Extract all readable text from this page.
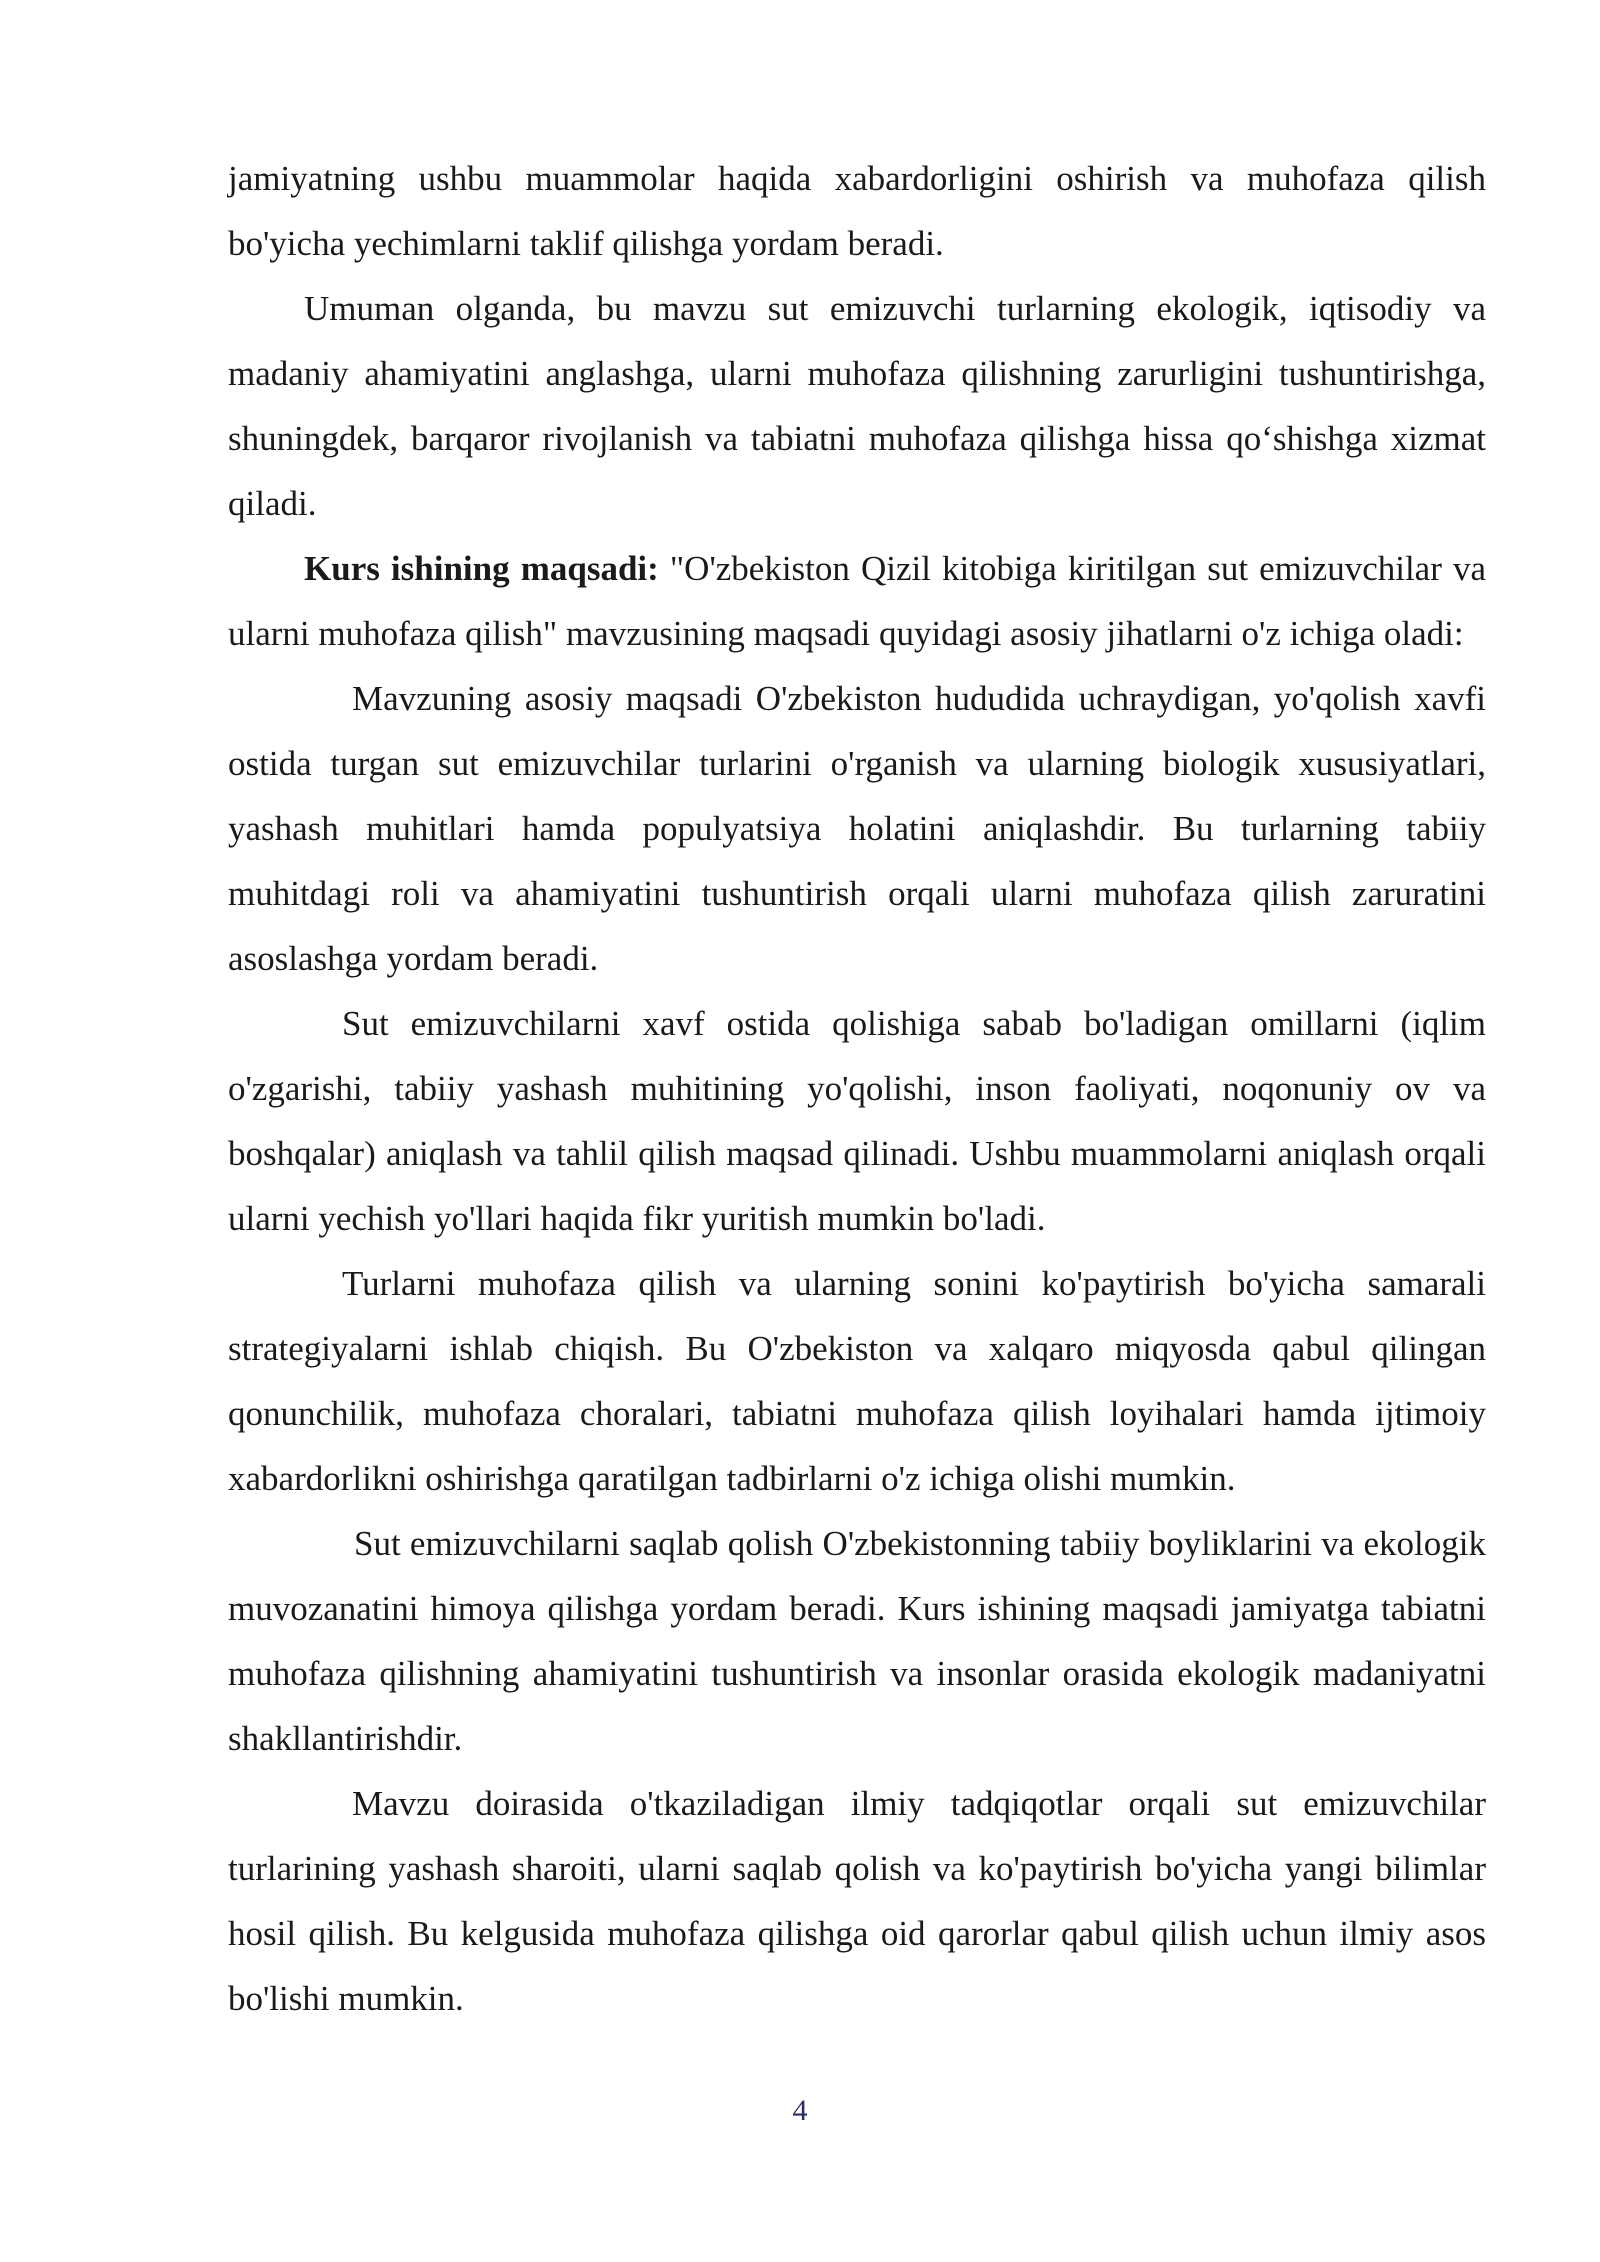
jamiyatning ushbu muammolar haqida xabardorligini oshirish va muhofaza qilish bo'yicha yechimlarni taklif qilishga yordam beradi.

Umuman olganda, bu mavzu sut emizuvchi turlarning ekologik, iqtisodiy va madaniy ahamiyatini anglashga, ularni muhofaza qilishning zarurligini tushuntirishga, shuningdek, barqaror rivojlanish va tabiatni muhofaza qilishga hissa qo‘shishga xizmat qiladi.

Kurs ishining maqsadi: "O'zbekiston Qizil kitobiga kiritilgan sut emizuvchilar va ularni muhofaza qilish" mavzusining maqsadi quyidagi asosiy jihatlarni o'z ichiga oladi:

Mavzuning asosiy maqsadi O'zbekiston hududida uchraydigan, yo'qolish xavfi ostida turgan sut emizuvchilar turlarini o'rganish va ularning biologik xususiyatlari, yashash muhitlari hamda populyatsiya holatini aniqlashdir. Bu turlarning tabiiy muhitdagi roli va ahamiyatini tushuntirish orqali ularni muhofaza qilish zaruratini asoslashga yordam beradi.

Sut emizuvchilarni xavf ostida qolishiga sabab bo'ladigan omillarni (iqlim o'zgarishi, tabiiy yashash muhitining yo'qolishi, inson faoliyati, noqonuniy ov va boshqalar) aniqlash va tahlil qilish maqsad qilinadi. Ushbu muammolarni aniqlash orqali ularni yechish yo'llari haqida fikr yuritish mumkin bo'ladi.

Turlarni muhofaza qilish va ularning sonini ko'paytirish bo'yicha samarali strategiyalarni ishlab chiqish. Bu O'zbekiston va xalqaro miqyosda qabul qilingan qonunchilik, muhofaza choralari, tabiatni muhofaza qilish loyihalari hamda ijtimoiy xabardorlikni oshirishga qaratilgan tadbirlarni o'z ichiga olishi mumkin.

Sut emizuvchilarni saqlab qolish O'zbekistonning tabiiy boyliklarini va ekologik muvozanatini himoya qilishga yordam beradi. Kurs ishining maqsadi jamiyatga tabiatni muhofaza qilishning ahamiyatini tushuntirish va insonlar orasida ekologik madaniyatni shakllantirishdir.

Mavzu doirasida o'tkaziladigan ilmiy tadqiqotlar orqali sut emizuvchilar turlarining yashash sharoiti, ularni saqlab qolish va ko'paytirish bo'yicha yangi bilimlar hosil qilish. Bu kelgusida muhofaza qilishga oid qarorlar qabul qilish uchun ilmiy asos bo'lishi mumkin.

4
